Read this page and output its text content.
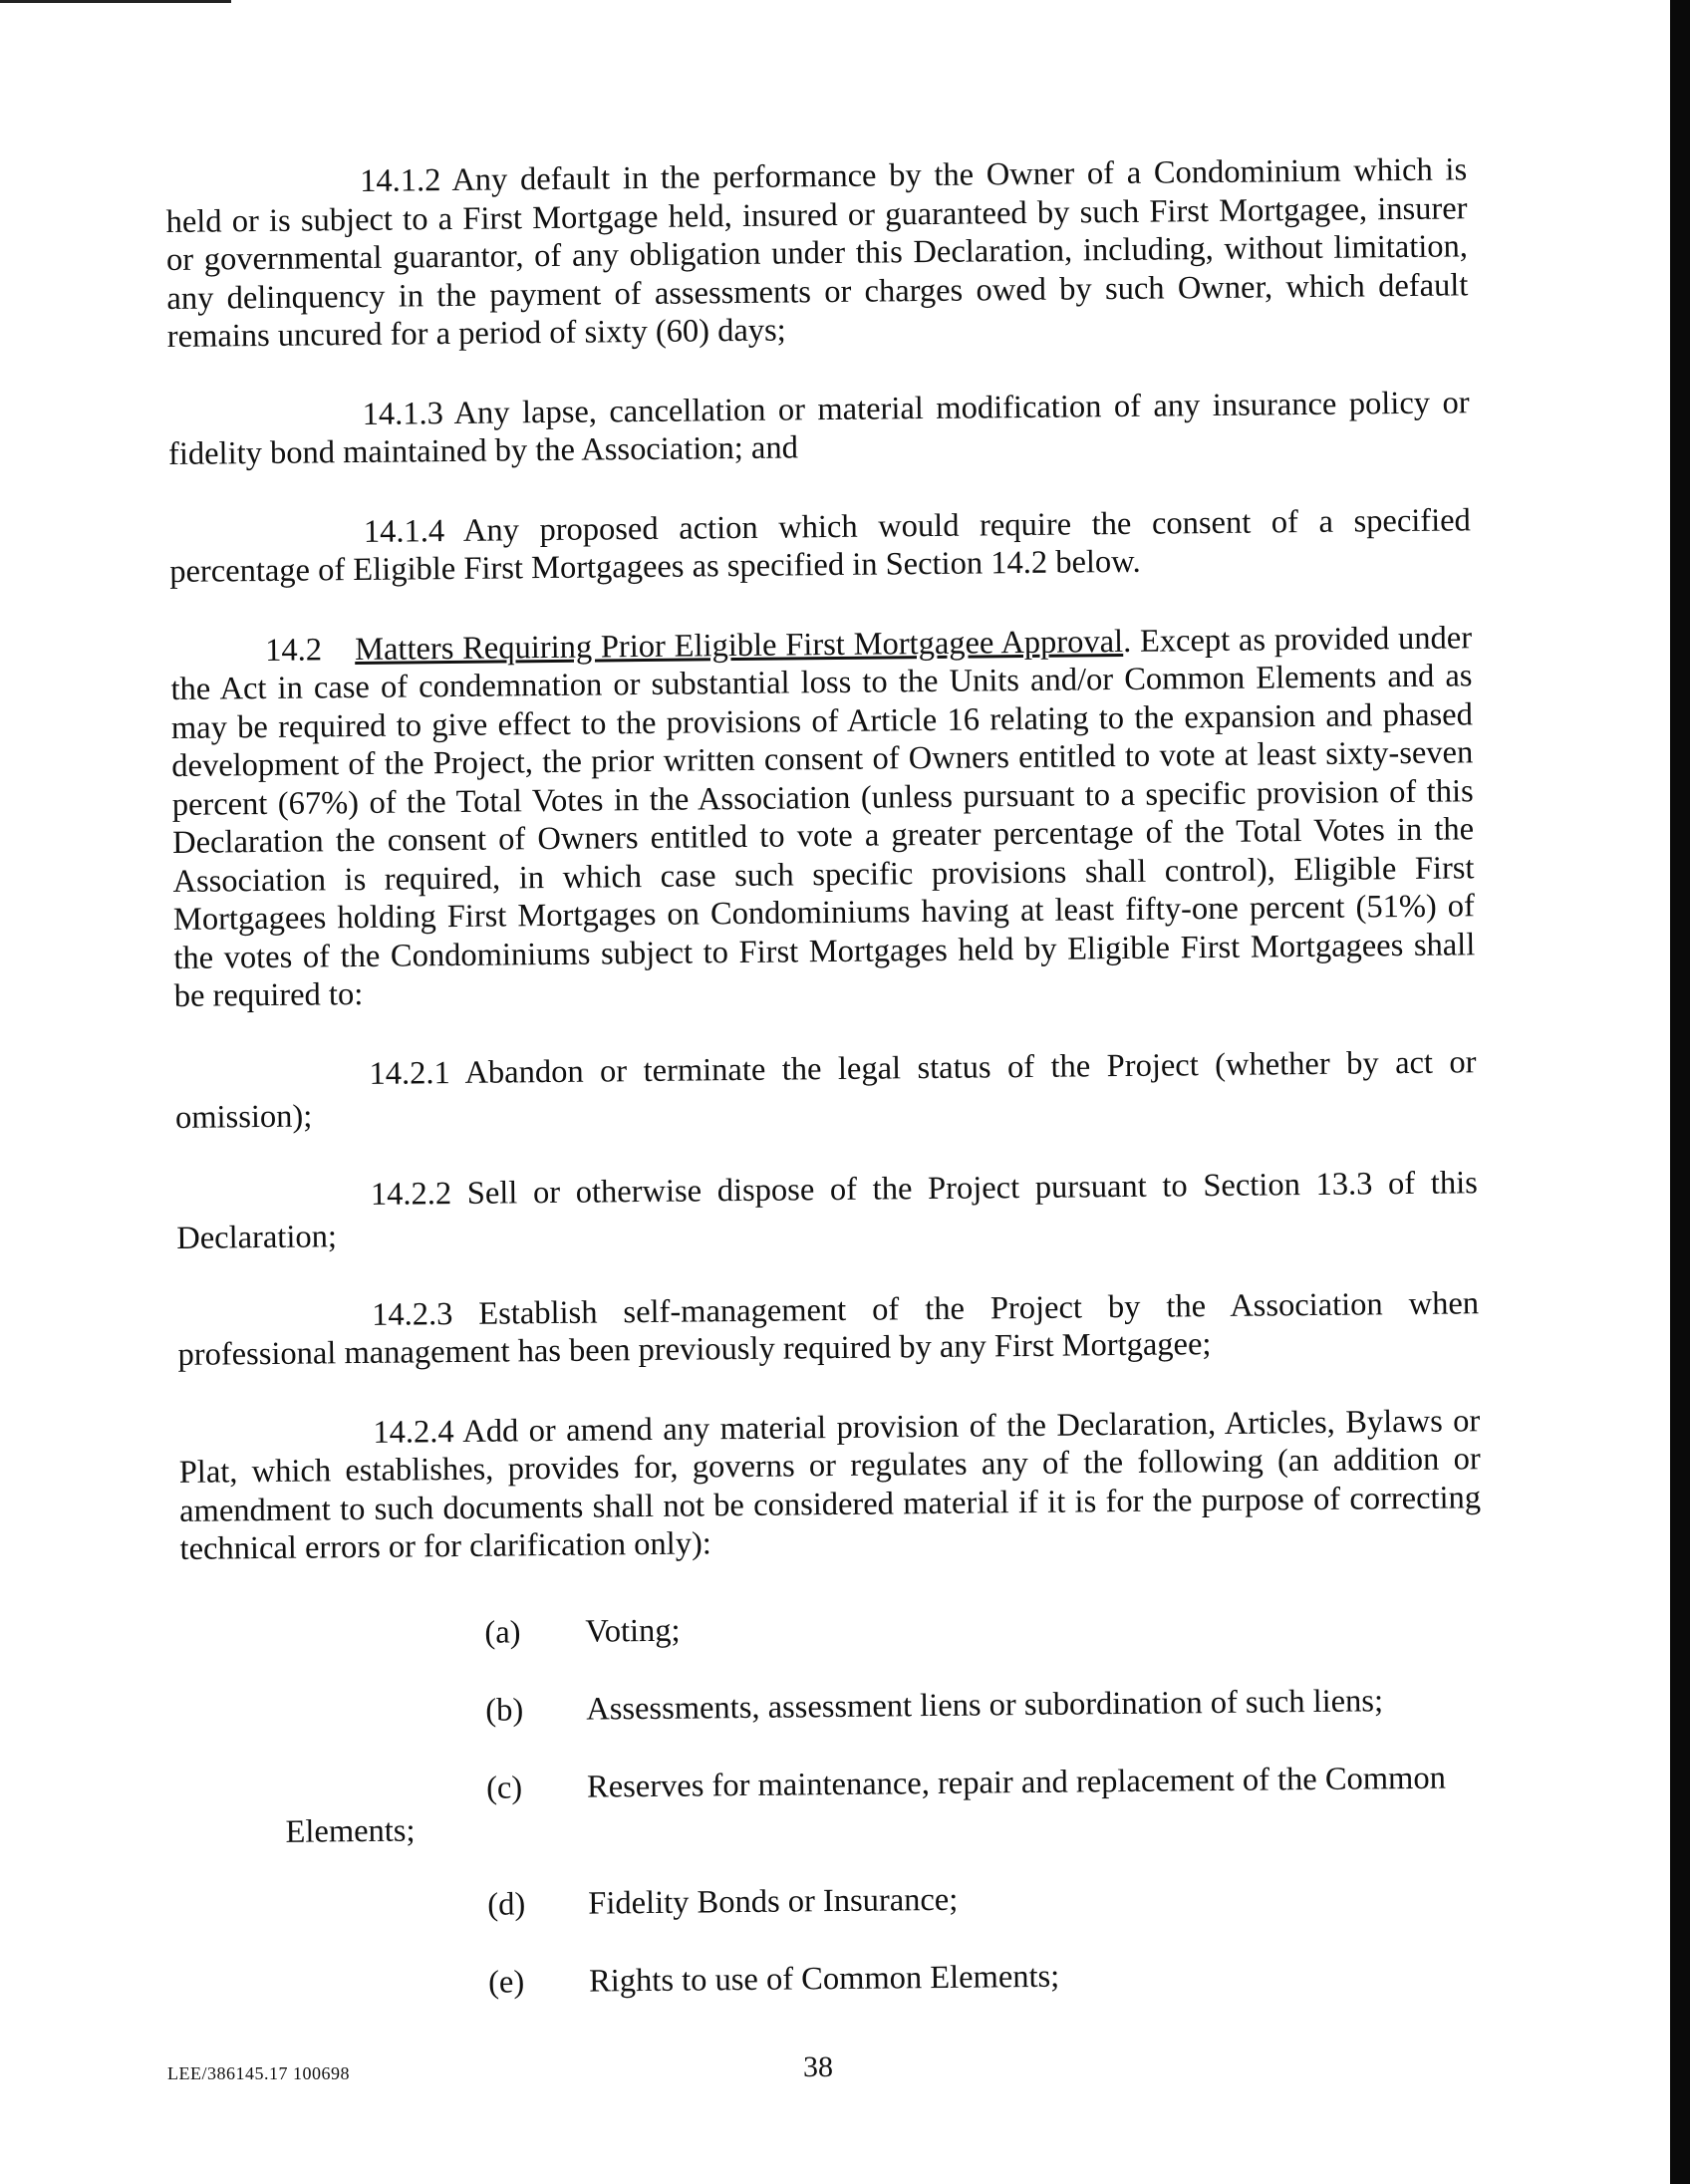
14.1.2 Any default in the performance by the Owner of a Condominium which is held or is subject to a First Mortgage held, insured or guaranteed by such First Mortgagee, insurer or governmental guarantor, of any obligation under this Declaration, including, without limitation, any delinquency in the payment of assessments or charges owed by such Owner, which default remains uncured for a period of sixty (60) days;

14.1.3 Any lapse, cancellation or material modification of any insurance policy or fidelity bond maintained by the Association; and

14.1.4 Any proposed action which would require the consent of a specified percentage of Eligible First Mortgagees as specified in Section 14.2 below.

14.2 Matters Requiring Prior Eligible First Mortgagee Approval. Except as provided under the Act in case of condemnation or substantial loss to the Units and/or Common Elements and as may be required to give effect to the provisions of Article 16 relating to the expansion and phased development of the Project, the prior written consent of Owners entitled to vote at least sixty-seven percent (67%) of the Total Votes in the Association (unless pursuant to a specific provision of this Declaration the consent of Owners entitled to vote a greater percentage of the Total Votes in the Association is required, in which case such specific provisions shall control), Eligible First Mortgagees holding First Mortgages on Condominiums having at least fifty-one percent (51%) of the votes of the Condominiums subject to First Mortgages held by Eligible First Mortgagees shall be required to:

14.2.1 Abandon or terminate the legal status of the Project (whether by act or

omission);

14.2.2 Sell or otherwise dispose of the Project pursuant to Section 13.3 of this

Declaration;

14.2.3 Establish self-management of the Project by the Association when professional management has been previously required by any First Mortgagee;

14.2.4 Add or amend any material provision of the Declaration, Articles, Bylaws or Plat, which establishes, provides for, governs or regulates any of the following (an addition or amendment to such documents shall not be considered material if it is for the purpose of correcting technical errors or for clarification only):

(a) Voting;
(b) Assessments, assessment liens or subordination of such liens;
(c) Reserves for maintenance, repair and replacement of the Common
Elements;
(d) Fidelity Bonds or Insurance;
(e) Rights to use of Common Elements;
LEE/386145.17 100698	38
